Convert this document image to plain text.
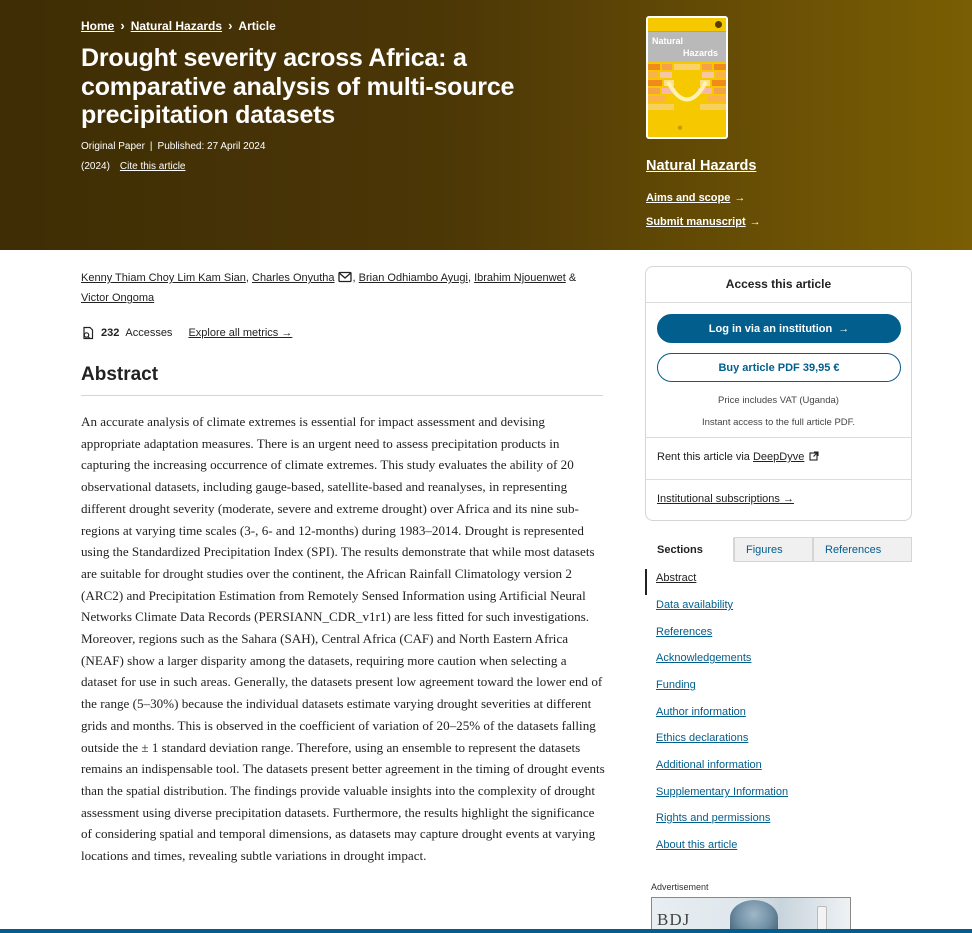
Home › Natural Hazards › Article
Drought severity across Africa: a comparative analysis of multi-source precipitation datasets
Original Paper | Published: 27 April 2024
(2024) Cite this article
Natural
Hazards
◎
Natural Hazards
Aims and scope →
Submit manuscript →
Kenny Thiam Choy Lim Kam Sian, Charles Onyutha , Brian Odhiambo Ayugi, Ibrahim Njouenwet & Victor Ongoma
232 Accesses Explore all metrics →
Abstract

An accurate analysis of climate extremes is essential for impact assessment and devising appropriate adaptation measures. There is an urgent need to assess precipitation products in capturing the increasing occurrence of climate extremes. This study evaluates the ability of 20 observational datasets, including gauge-based, satellite-based and reanalyses, in representing different drought severity (moderate, severe and extreme drought) over Africa and its nine sub-regions at varying time scales (3-, 6- and 12-months) during 1983–2014. Drought is represented using the Standardized Precipitation Index (SPI). The results demonstrate that while most datasets are suitable for drought studies over the continent, the African Rainfall Climatology version 2 (ARC2) and Precipitation Estimation from Remotely Sensed Information using Artificial Neural Networks Climate Data Records (PERSIANN_CDR_v1r1) are less fitted for such investigations. Moreover, regions such as the Sahara (SAH), Central Africa (CAF) and North Eastern Africa (NEAF) show a larger disparity among the datasets, requiring more caution when selecting a dataset for use in such areas. Generally, the datasets present low agreement toward the lower end of the range (5–30%) because the individual datasets estimate varying drought severities at different grids and months. This is observed in the coefficient of variation of 20–25% of the datasets falling outside the ± 1 standard deviation range. Therefore, using an ensemble to represent the datasets remains an indispensable tool. The datasets present better agreement in the timing of drought events than the spatial distribution. The findings provide valuable insights into the complexity of drought assessment using diverse precipitation datasets. Furthermore, the results highlight the significance of considering spatial and temporal dimensions, as datasets may capture drought events at varying locations and times, revealing subtle variations in drought impact.

Access this article
Log in via an institution →
Buy article PDF 39,95 €
Price includes VAT (Uganda)
Instant access to the full article PDF.
Rent this article via DeepDyve
Institutional subscriptions →
Sections	Figures	References
Abstract
Data availability
References
Acknowledgements
Funding
Author information
Ethics declarations
Additional information
Supplementary Information
Rights and permissions
About this article
Advertisement
BDJ
